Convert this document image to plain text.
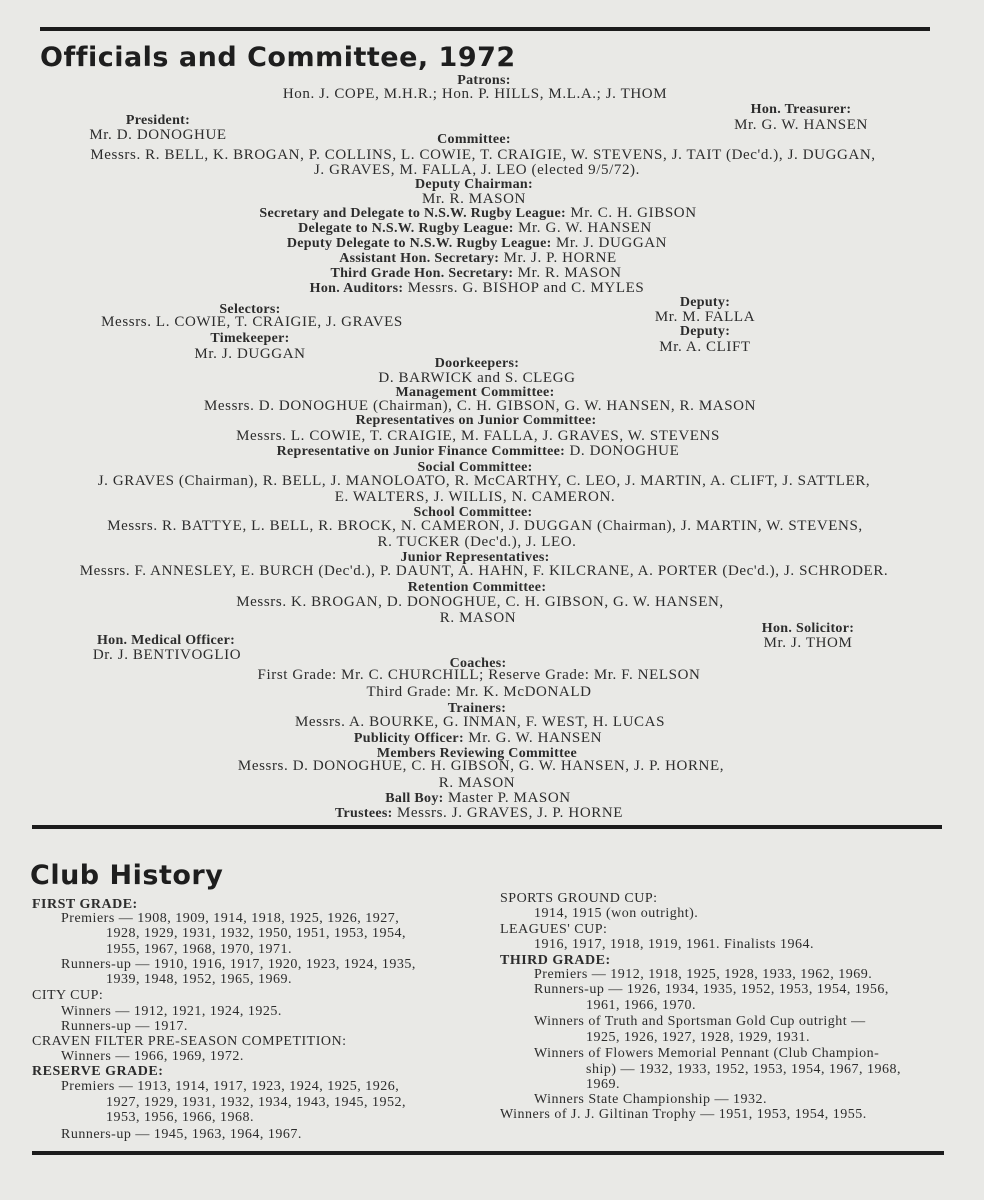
Officials and Committee, 1972
Patrons:
Hon. J. COPE, M.H.R.; Hon. P. HILLS, M.L.A.; J. THOM
President:
Mr. D. DONOGHUE
Hon. Treasurer:
Mr. G. W. HANSEN
Committee:
Messrs. R. BELL, K. BROGAN, P. COLLINS, L. COWIE, T. CRAIGIE, W. STEVENS, J. TAIT (Dec'd.), J. DUGGAN,
J. GRAVES, M. FALLA, J. LEO (elected 9/5/72).
Deputy Chairman:
Mr. R. MASON
Secretary and Delegate to N.S.W. Rugby League: Mr. C. H. GIBSON
Delegate to N.S.W. Rugby League: Mr. G. W. HANSEN
Deputy Delegate to N.S.W. Rugby League: Mr. J. DUGGAN
Assistant Hon. Secretary: Mr. J. P. HORNE
Third Grade Hon. Secretary: Mr. R. MASON
Hon. Auditors: Messrs. G. BISHOP and C. MYLES
Selectors:
Messrs. L. COWIE, T. CRAIGIE, J. GRAVES
Deputy:
Mr. M. FALLA
Deputy:
Mr. A. CLIFT
Timekeeper:
Mr. J. DUGGAN
Doorkeepers:
D. BARWICK and S. CLEGG
Management Committee:
Messrs. D. DONOGHUE (Chairman), C. H. GIBSON, G. W. HANSEN, R. MASON
Representatives on Junior Committee:
Messrs. L. COWIE, T. CRAIGIE, M. FALLA, J. GRAVES, W. STEVENS
Representative on Junior Finance Committee: D. DONOGHUE
Social Committee:
J. GRAVES (Chairman), R. BELL, J. MANOLOATO, R. McCARTHY, C. LEO, J. MARTIN, A. CLIFT, J. SATTLER,
E. WALTERS, J. WILLIS, N. CAMERON.
School Committee:
Messrs. R. BATTYE, L. BELL, R. BROCK, N. CAMERON, J. DUGGAN (Chairman), J. MARTIN, W. STEVENS,
R. TUCKER (Dec'd.), J. LEO.
Junior Representatives:
Messrs. F. ANNESLEY, E. BURCH (Dec'd.), P. DAUNT, A. HAHN, F. KILCRANE, A. PORTER (Dec'd.), J. SCHRODER.
Retention Committee:
Messrs. K. BROGAN, D. DONOGHUE, C. H. GIBSON, G. W. HANSEN,
R. MASON
Hon. Medical Officer:
Dr. J. BENTIVOGLIO
Hon. Solicitor:
Mr. J. THOM
Coaches:
First Grade: Mr. C. CHURCHILL; Reserve Grade: Mr. F. NELSON
Third Grade: Mr. K. McDONALD
Trainers:
Messrs. A. BOURKE, G. INMAN, F. WEST, H. LUCAS
Publicity Officer: Mr. G. W. HANSEN
Members Reviewing Committee
Messrs. D. DONOGHUE, C. H. GIBSON, G. W. HANSEN, J. P. HORNE,
R. MASON
Ball Boy: Master P. MASON
Trustees: Messrs. J. GRAVES, J. P. HORNE
Club History
FIRST GRADE:
Premiers — 1908, 1909, 1914, 1918, 1925, 1926, 1927,
1928, 1929, 1931, 1932, 1950, 1951, 1953, 1954,
1955, 1967, 1968, 1970, 1971.
Runners-up — 1910, 1916, 1917, 1920, 1923, 1924, 1935,
1939, 1948, 1952, 1965, 1969.
CITY CUP:
Winners — 1912, 1921, 1924, 1925.
Runners-up — 1917.
CRAVEN FILTER PRE-SEASON COMPETITION:
Winners — 1966, 1969, 1972.
RESERVE GRADE:
Premiers — 1913, 1914, 1917, 1923, 1924, 1925, 1926,
1927, 1929, 1931, 1932, 1934, 1943, 1945, 1952,
1953, 1956, 1966, 1968.
Runners-up — 1945, 1963, 1964, 1967.
SPORTS GROUND CUP:
1914, 1915 (won outright).
LEAGUES' CUP:
1916, 1917, 1918, 1919, 1961. Finalists 1964.
THIRD GRADE:
Premiers — 1912, 1918, 1925, 1928, 1933, 1962, 1969.
Runners-up — 1926, 1934, 1935, 1952, 1953, 1954, 1956,
1961, 1966, 1970.
Winners of Truth and Sportsman Gold Cup outright —
1925, 1926, 1927, 1928, 1929, 1931.
Winners of Flowers Memorial Pennant (Club Champion-
ship) — 1932, 1933, 1952, 1953, 1954, 1967, 1968,
1969.
Winners State Championship — 1932.
Winners of J. J. Giltinan Trophy — 1951, 1953, 1954, 1955.
